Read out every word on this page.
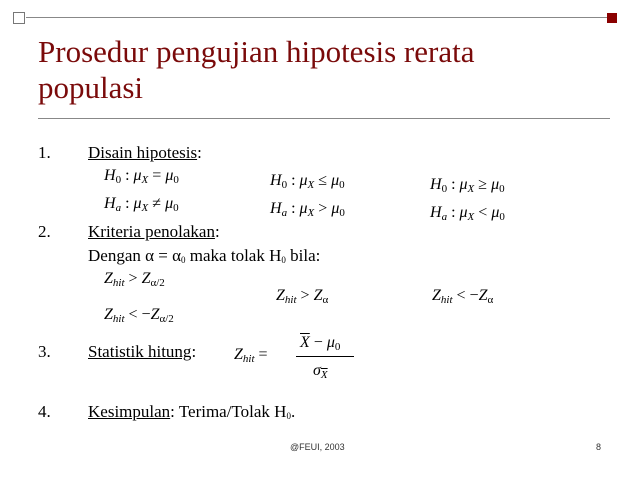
Prosedur pengujian hipotesis rerata
populasi
1. Disain hipotesis:
$H_0$ : $\mu_X = \mu_0$
$H_a$ : $\mu_X \ne \mu_0$
$H_0$ : $\mu_X \le \mu_0$
$H_a$ : $\mu_X > \mu_0$
$H_0$ : $\mu_X \ge \mu_0$
$H_a$ : $\mu_X < \mu_0$
2. Kriteria penolakan:
Dengan α = α0 maka tolak H0 bila:
$Z_{hit} > Z_{\alpha/2}$
$Z_{hit} < -Z_{\alpha/2}$
$Z_{hit} > Z_\alpha$	$Z_{hit} < -Z_\alpha$
3. Statistik hitung: $Z_{hit}$ =
$\overline{X} - \mu_0$
$\sigma_{\overline{X}}$
4. Kesimpulan: Terima/Tolak H0.
@FEUI, 2003	8
